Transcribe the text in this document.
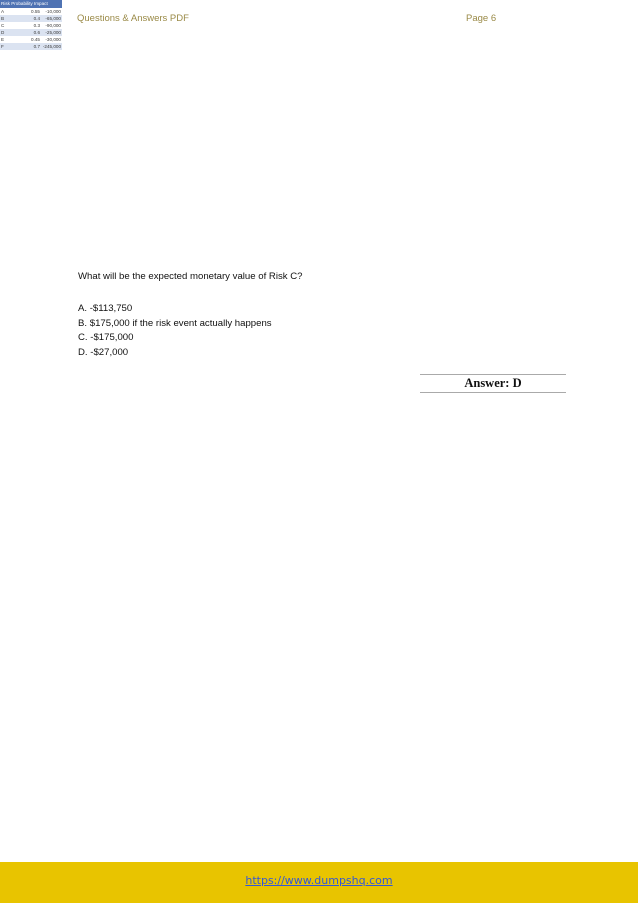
Questions & Answers PDF	Page 6
Risk Probability Impact
A	0.55	-10,000
B	0.4	-65,000
C	0.3	-90,000
D	0.6	-25,000
E	0.45	-30,000
F	0.7 -245,000
What will be the expected monetary value of Risk C?
A. -$113,750
B. $175,000 if the risk event actually happens
C. -$175,000
D. -$27,000
Answer: D
https://www.dumpshq.com
